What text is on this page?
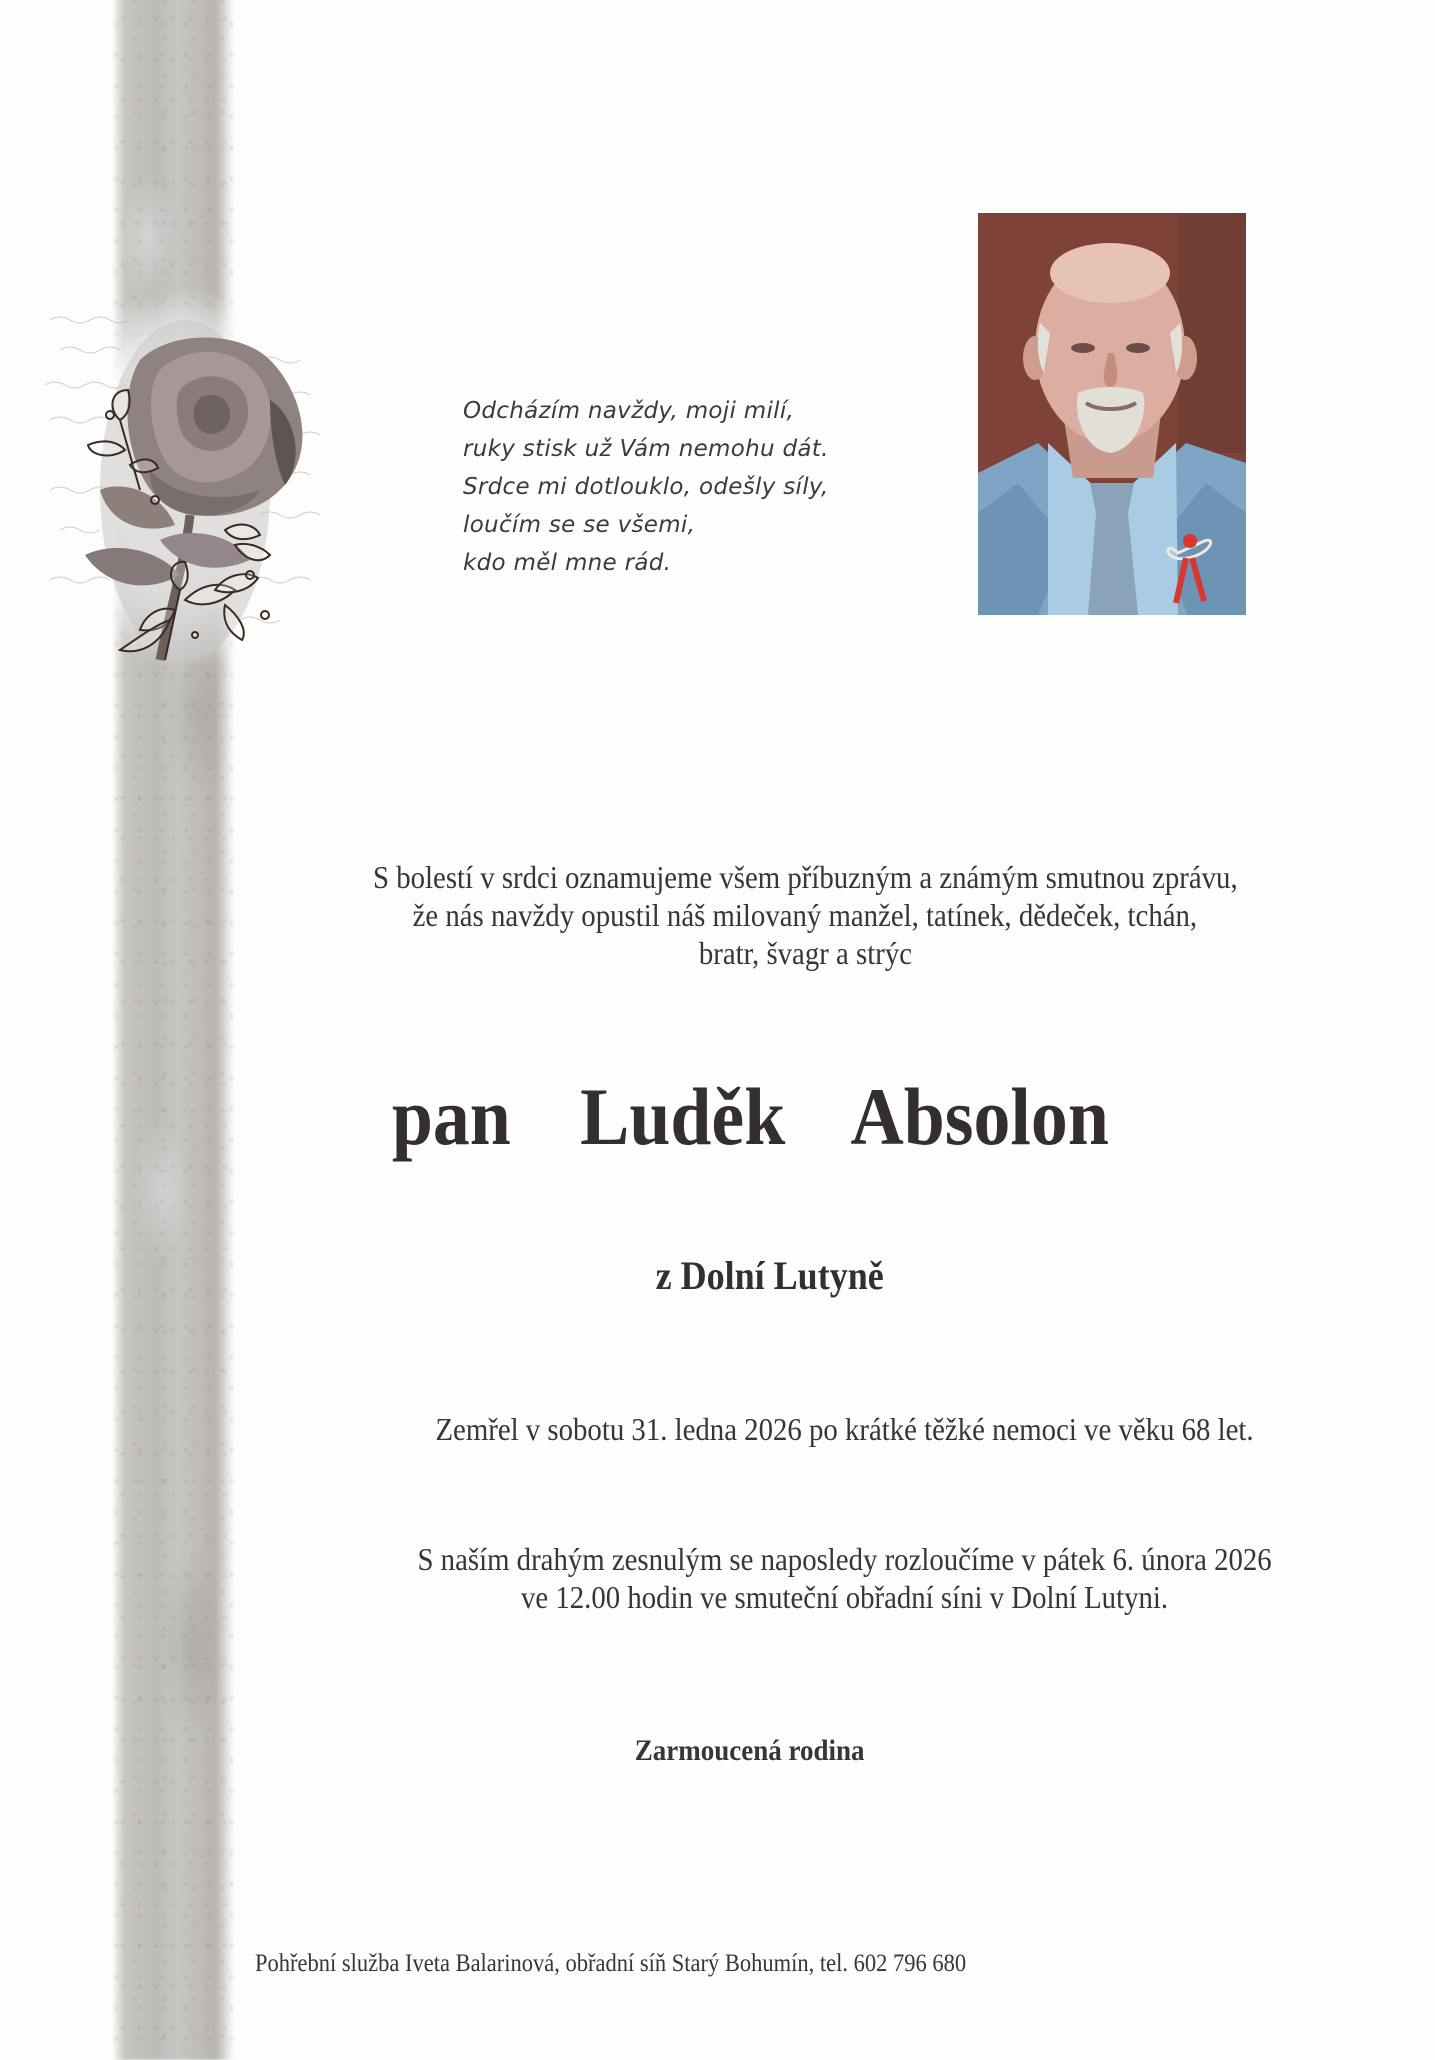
Odcházím navždy, moji milí,
ruky stisk už Vám nemohu dát.
Srdce mi dotlouklo, odešly síly,
loučím se se všemi,
kdo měl mne rád.
S bolestí v srdci oznamujeme všem příbuzným a známým smutnou zprávu,
že nás navždy opustil náš milovaný manžel, tatínek, dědeček, tchán,
bratr, švagr a strýc
pan  Luděk  Absolon
z Dolní Lutyně
Zemřel v sobotu 31. ledna 2026 po krátké těžké nemoci ve věku 68 let.
S naším drahým zesnulým se naposledy rozloučíme v pátek 6. února 2026
ve 12.00 hodin ve smuteční obřadní síni v Dolní Lutyni.
Zarmoucená rodina
Pohřební služba Iveta Balarinová, obřadní síň Starý Bohumín, tel. 602 796 680
